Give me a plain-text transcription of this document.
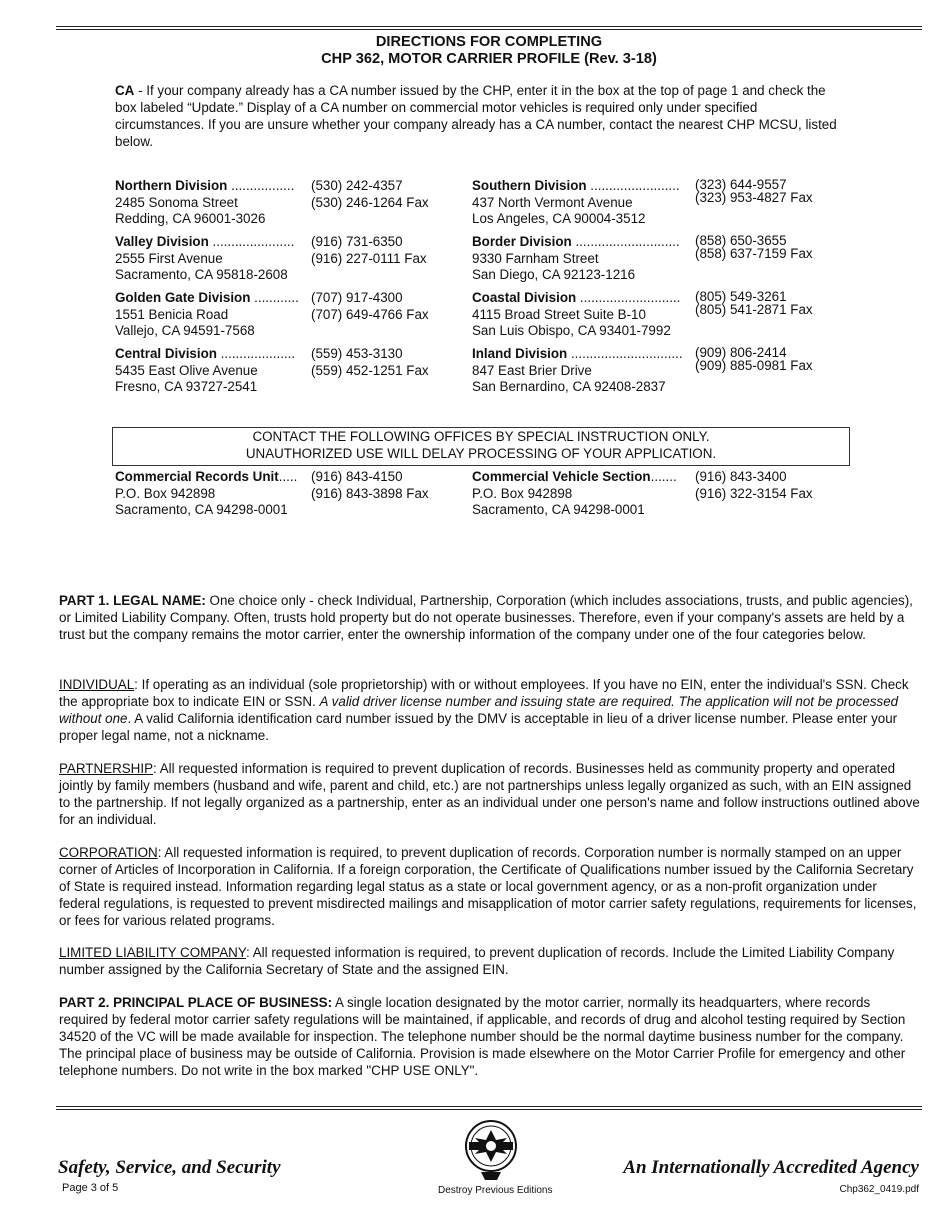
DIRECTIONS FOR COMPLETING
CHP 362, MOTOR CARRIER PROFILE (Rev. 3-18)
CA - If your company already has a CA number issued by the CHP, enter it in the box at the top of page 1 and check the box labeled “Update.” Display of a CA number on commercial motor vehicles is required only under specified circumstances. If you are unsure whether your company already has a CA number, contact the nearest CHP MCSU, listed below.
Northern Division .................
2485 Sonoma Street
Redding, CA 96001-3026
(530) 242-4357
(530) 246-1264 Fax
Valley Division ......................
2555 First Avenue
Sacramento, CA 95818-2608
(916) 731-6350
(916) 227-0111 Fax
Golden Gate Division ............
1551 Benicia Road
Vallejo, CA 94591-7568
(707) 917-4300
(707) 649-4766 Fax
Central Division ....................
5435 East Olive Avenue
Fresno, CA 93727-2541
(559) 453-3130
(559) 452-1251 Fax
Southern Division ........................
437 North Vermont Avenue
Los Angeles, CA 90004-3512
(323) 644-9557
(323) 953-4827 Fax
Border Division ............................
9330 Farnham Street
San Diego, CA 92123-1216
(858) 650-3655
(858) 637-7159 Fax
Coastal Division ...........................
4115 Broad Street Suite B-10
San Luis Obispo, CA 93401-7992
(805) 549-3261
(805) 541-2871 Fax
Inland Division ..............................
847 East Brier Drive
San Bernardino, CA 92408-2837
(909) 806-2414
(909) 885-0981 Fax
CONTACT THE FOLLOWING OFFICES BY SPECIAL INSTRUCTION ONLY.
UNAUTHORIZED USE WILL DELAY PROCESSING OF YOUR APPLICATION.
Commercial Records Unit.....
P.O. Box 942898
Sacramento, CA 94298-0001
(916) 843-4150
(916) 843-3898 Fax
Commercial Vehicle Section.......
P.O. Box 942898
Sacramento, CA 94298-0001
(916) 843-3400
(916) 322-3154 Fax
PART 1. LEGAL NAME: One choice only - check Individual, Partnership, Corporation (which includes associations, trusts, and public agencies), or Limited Liability Company. Often, trusts hold property but do not operate businesses. Therefore, even if your company's assets are held by a trust but the company remains the motor carrier, enter the ownership information of the company under one of the four categories below.
INDIVIDUAL: If operating as an individual (sole proprietorship) with or without employees. If you have no EIN, enter the individual's SSN. Check the appropriate box to indicate EIN or SSN. A valid driver license number and issuing state are required. The application will not be processed without one. A valid California identification card number issued by the DMV is acceptable in lieu of a driver license number. Please enter your proper legal name, not a nickname.
PARTNERSHIP: All requested information is required to prevent duplication of records. Businesses held as community property and operated jointly by family members (husband and wife, parent and child, etc.) are not partnerships unless legally organized as such, with an EIN assigned to the partnership. If not legally organized as a partnership, enter as an individual under one person's name and follow instructions outlined above for an individual.
CORPORATION: All requested information is required, to prevent duplication of records. Corporation number is normally stamped on an upper corner of Articles of Incorporation in California. If a foreign corporation, the Certificate of Qualifications number issued by the California Secretary of State is required instead. Information regarding legal status as a state or local government agency, or as a non-profit organization under federal regulations, is requested to prevent misdirected mailings and misapplication of motor carrier safety regulations, requirements for licenses, or fees for various related programs.
LIMITED LIABILITY COMPANY: All requested information is required, to prevent duplication of records. Include the Limited Liability Company number assigned by the California Secretary of State and the assigned EIN.
PART 2. PRINCIPAL PLACE OF BUSINESS: A single location designated by the motor carrier, normally its headquarters, where records required by federal motor carrier safety regulations will be maintained, if applicable, and records of drug and alcohol testing required by Section 34520 of the VC will be made available for inspection. The telephone number should be the normal daytime business number for the company. The principal place of business may be outside of California. Provision is made elsewhere on the Motor Carrier Profile for emergency and other telephone numbers. Do not write in the box marked "CHP USE ONLY".
Safety, Service, and Security	An Internationally Accredited Agency
Page 3 of 5	Destroy Previous Editions	Chp362_0419.pdf
